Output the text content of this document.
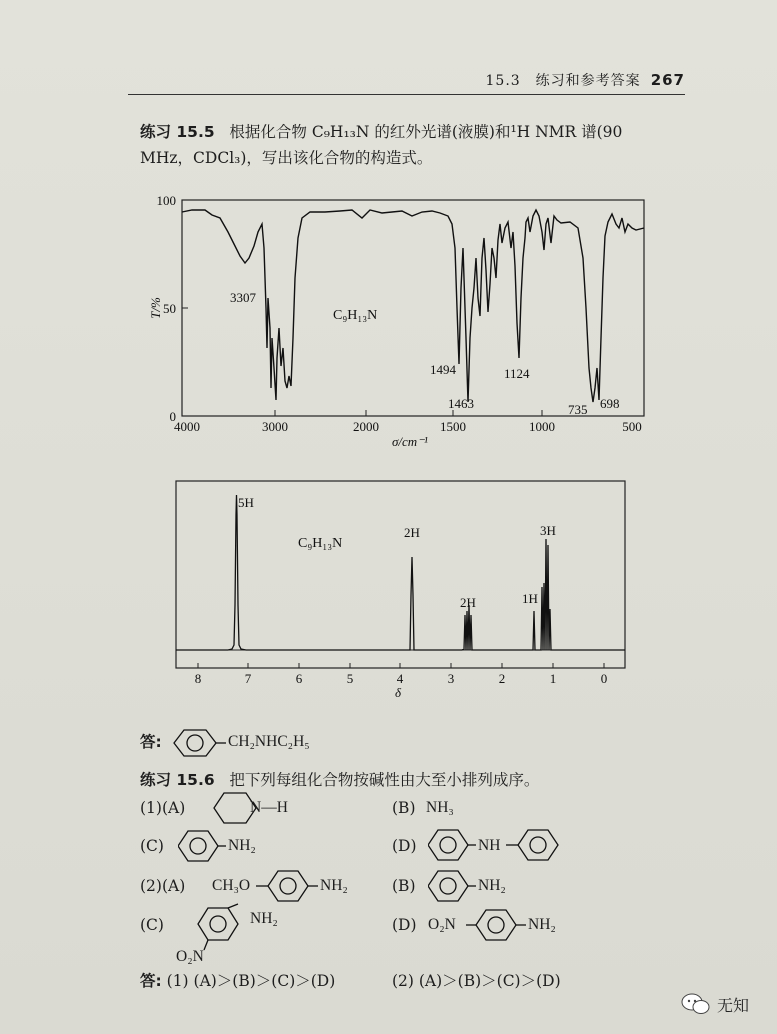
15.3　练习和参考答案 267
练习 15.5 根据化合物 C₉H₁₃N 的红外光谱(液膜)和¹H NMR 谱(90
MHz，CDCl₃)，写出该化合物的构造式。
100
50
0
T/%
4000	3000	2000	1500	1000	500
σ/cm⁻¹
C₉H₁₃N
3307
1494
1463
1124
735 698
8	7	6	5	4	3	2	1	0
δ
C₉H₁₃N
5H
2H
2H	1H
3H
答:	CH₂NHC₂H₅
练习 15.6 把下列每组化合物按碱性由大至小排列成序。
(1)(A)	N—H	(B) NH₃
(C)	NH₂	(D)	NH
(2)(A) CH₃O	NH₂	(B)	NH₂
(C)	NH₂
O₂N
(D) O₂N	NH₂
答: (1) (A)＞(B)＞(C)＞(D)	(2) (A)＞(B)＞(C)＞(D)
无知
